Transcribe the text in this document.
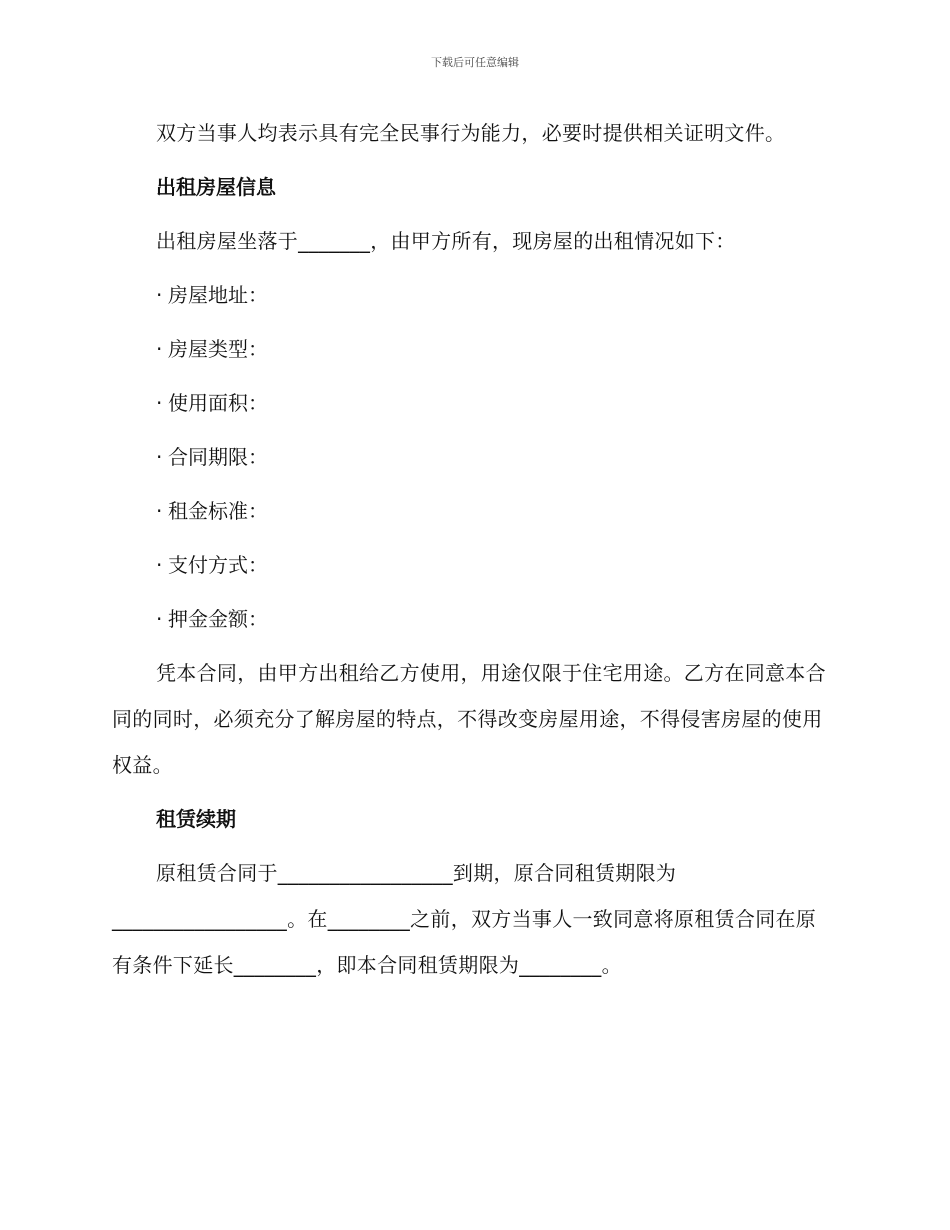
下载后可任意编辑

双方当事人均表示具有完全民事行为能力，必要时提供相关证明文件。

出租房屋信息

出租房屋坐落于_______，由甲方所有，现房屋的出租情况如下：

· 房屋地址：
· 房屋类型：
· 使用面积：
· 合同期限：
· 租金标准：
· 支付方式：
· 押金金额：

凭本合同，由甲方出租给乙方使用，用途仅限于住宅用途。乙方在同意本合同的同时，必须充分了解房屋的特点，不得改变房屋用途，不得侵害房屋的使用权益。

租赁续期

原租赁合同于_________________到期，原合同租赁期限为_________________。在________之前，双方当事人一致同意将原租赁合同在原有条件下延长________，即本合同租赁期限为________。
